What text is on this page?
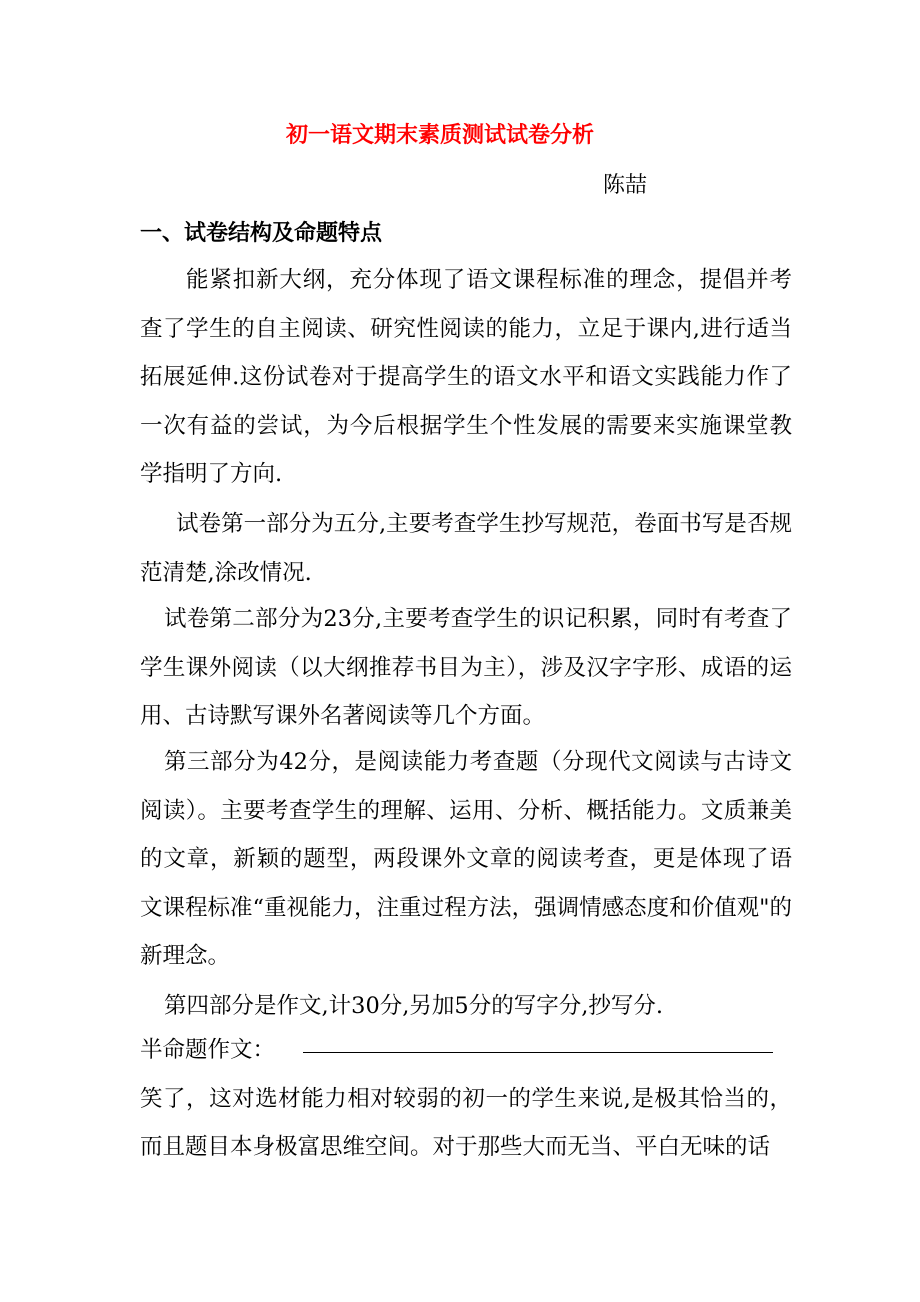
初一语文期末素质测试试卷分析

陈喆

一、试卷结构及命题特点

能紧扣新大纲，充分体现了语文课程标准的理念，提倡并考查了学生的自主阅读、研究性阅读的能力，立足于课内,进行适当拓展延伸.这份试卷对于提高学生的语文水平和语文实践能力作了一次有益的尝试，为今后根据学生个性发展的需要来实施课堂教学指明了方向.

试卷第一部分为五分,主要考查学生抄写规范，卷面书写是否规范清楚,涂改情况.

试卷第二部分为23分,主要考查学生的识记积累，同时有考查了学生课外阅读（以大纲推荐书目为主），涉及汉字字形、成语的运用、古诗默写课外名著阅读等几个方面。

第三部分为42分，是阅读能力考查题（分现代文阅读与古诗文阅读）。主要考查学生的理解、运用、分析、概括能力。文质兼美的文章，新颖的题型，两段课外文章的阅读考查，更是体现了语文课程标准“重视能力，注重过程方法，强调情感态度和价值观"的新理念。

第四部分是作文,计30分,另加5分的写字分,抄写分.

半命题作文：
笑了，这对选材能力相对较弱的初一的学生来说,是极其恰当的，而且题目本身极富思维空间。对于那些大而无当、平白无味的话
